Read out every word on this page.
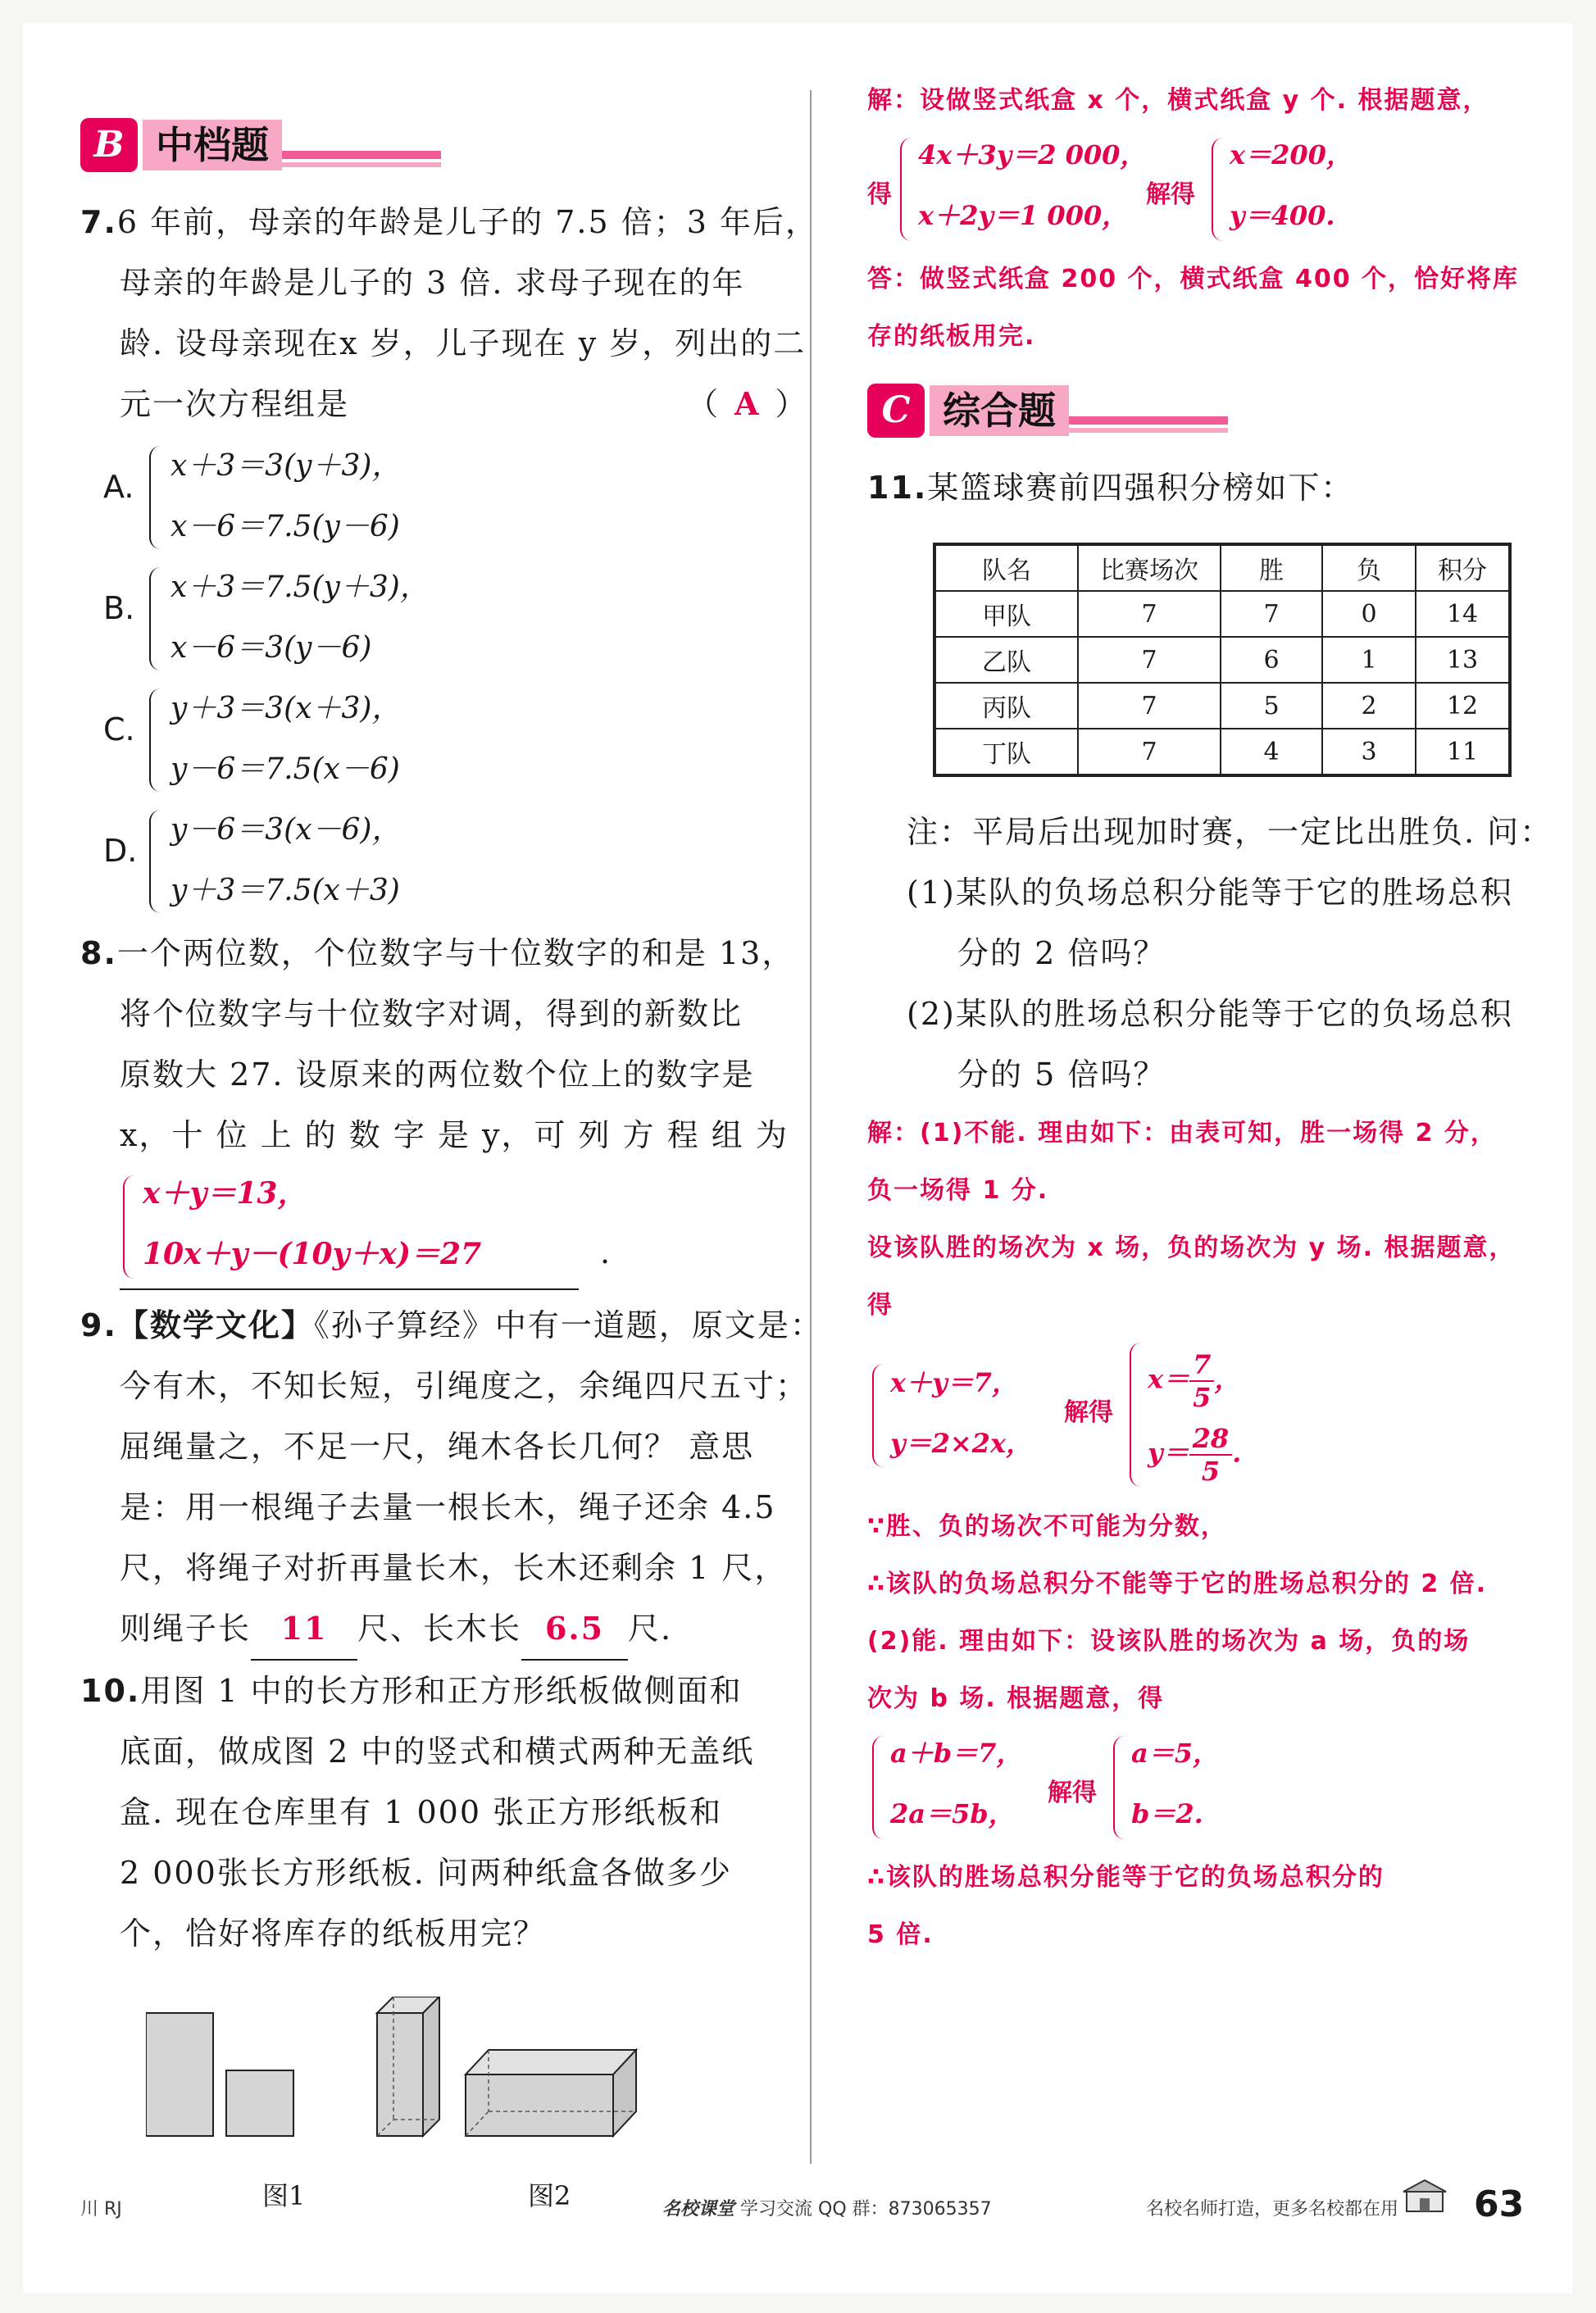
B 中档题
7.6 年前，母亲的年龄是儿子的 7.5 倍；3 年后，
母亲的年龄是儿子的 3 倍. 求母子现在的年
龄. 设母亲现在x 岁，儿子现在 y 岁，列出的二
元一次方程组是	（ A ）
A.
x＋3＝3(y＋3)，
x－6＝7.5(y－6)
B.
x＋3＝7.5(y＋3)，
x－6＝3(y－6)
C.
y＋3＝3(x＋3)，
y－6＝7.5(x－6)
D.
y－6＝3(x－6)，
y＋3＝7.5(x＋3)
8.一个两位数，个位数字与十位数字的和是 13，
将个位数字与十位数字对调，得到的新数比
原数大 27. 设原来的两位数个位上的数字是
x，十 位 上 的 数 字 是 y，可 列 方 程 组 为
x＋y＝13，
10x＋y－(10y＋x)＝27	.
9.【数学文化】《孙子算经》中有一道题，原文是：
今有木，不知长短，引绳度之，余绳四尺五寸；
屈绳量之，不足一尺，绳木各长几何？ 意思
是：用一根绳子去量一根长木，绳子还余 4.5
尺，将绳子对折再量长木，长木还剩余 1 尺，
则绳子长 11 尺、长木长 6.5 尺.
10.用图 1 中的长方形和正方形纸板做侧面和
底面，做成图 2 中的竖式和横式两种无盖纸
盒. 现在仓库里有 1 000 张正方形纸板和
2 000张长方形纸板. 问两种纸盒各做多少
个，恰好将库存的纸板用完？
图1	图2
解：设做竖式纸盒 x 个，横式纸盒 y 个. 根据题意，
得
4x＋3y＝2 000，
x＋2y＝1 000，
解得
x＝200，
y＝400.
答：做竖式纸盒 200 个，横式纸盒 400 个，恰好将库
存的纸板用完.
C 综合题
11.某篮球赛前四强积分榜如下：
队名	比赛场次	胜	负	积分
甲队	7	7	0	14
乙队	7	6	1	13
丙队	7	5	2	12
丁队	7	4	3	11
注：平局后出现加时赛，一定比出胜负. 问：
(1)某队的负场总积分能等于它的胜场总积
分的 2 倍吗？
(2)某队的胜场总积分能等于它的负场总积
分的 5 倍吗？
解：(1)不能. 理由如下：由表可知，胜一场得 2 分，
负一场得 1 分.
设该队胜的场次为 x 场，负的场次为 y 场. 根据题意，
得
x＋y＝7，
y＝2×2x，
解得
$x= \frac{7}{5}$ ，
$y= \frac{28}{5}$ .
∵胜、负的场次不可能为分数，
∴该队的负场总积分不能等于它的胜场总积分的 2 倍.
(2)能. 理由如下：设该队胜的场次为 a 场，负的场
次为 b 场. 根据题意，得
a＋b＝7，
2a＝5b，
解得
a＝5，
b＝2.
∴该队的胜场总积分能等于它的负场总积分的
5 倍.
川 RJ	名校课堂 学习交流 QQ 群：873065357	名校名师打造，更多名校都在用 63
